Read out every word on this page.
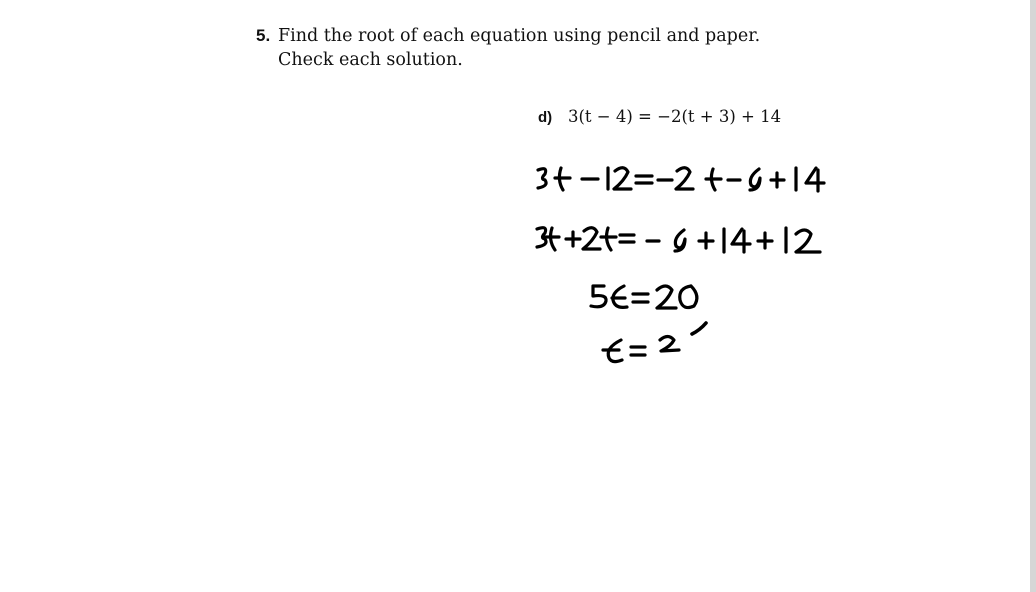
5. Find the root of each equation using pencil and paper.
Check each solution.
d) 3(t − 4) = −2(t + 3) + 14
